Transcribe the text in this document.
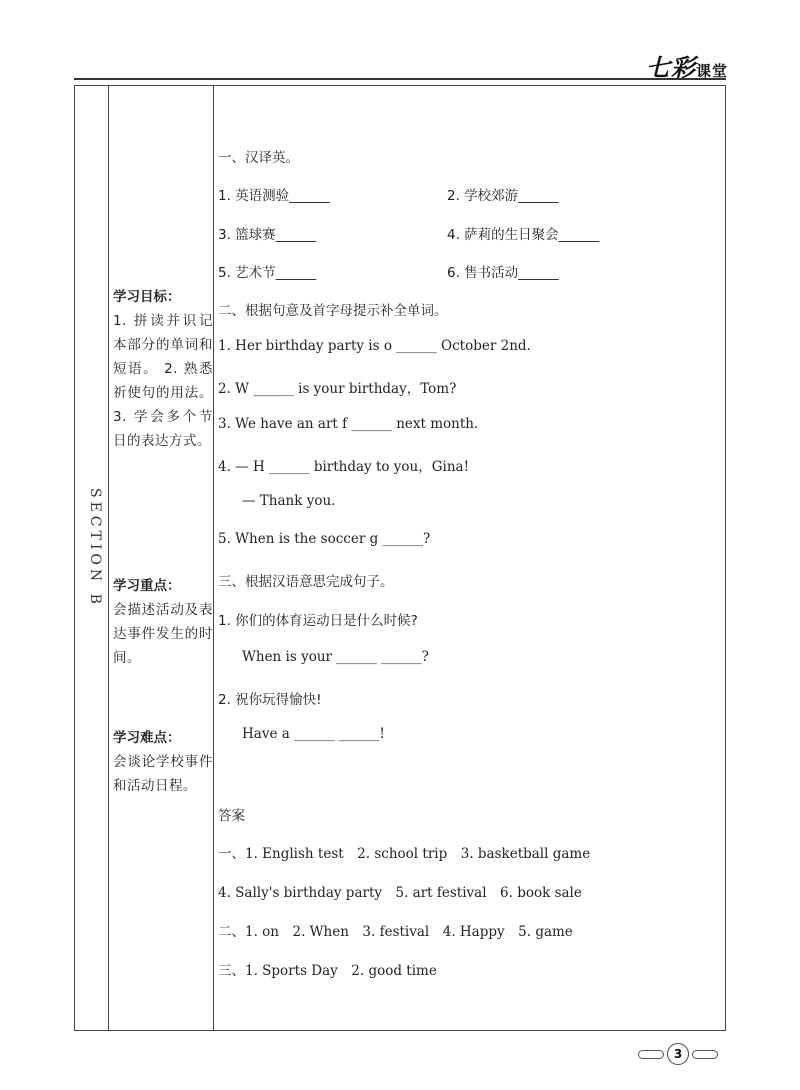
七彩课堂
SECTION B
学习目标：
1. 拼读并识记本部分的单词和短语。 2. 熟悉祈使句的用法。 3. 学会多个节日的表达方式。
学习重点：
会描述活动及表达事件发生的时间。
学习难点：
会谈论学校事件和活动日程。
一、汉译英。
1. 英语测验______	2. 学校郊游______
3. 篮球赛______	4. 萨莉的生日聚会______
5. 艺术节______	6. 售书活动______
二、根据句意及首字母提示补全单词。
1. Her birthday party is o ______ October 2nd.
2. W ______ is your birthday，Tom?
3. We have an art f ______ next month.
4. — H ______ birthday to you，Gina!
— Thank you.
5. When is the soccer g ______?
三、根据汉语意思完成句子。
1. 你们的体育运动日是什么时候?
When is your ______ ______?
2. 祝你玩得愉快!
Have a ______ ______!
答案
一、1. English test　2. school trip　3. basketball game
4. Sally's birthday party　5. art festival　6. book sale
二、1. on　2. When　3. festival　4. Happy　5. game
三、1. Sports Day　2. good time
3
